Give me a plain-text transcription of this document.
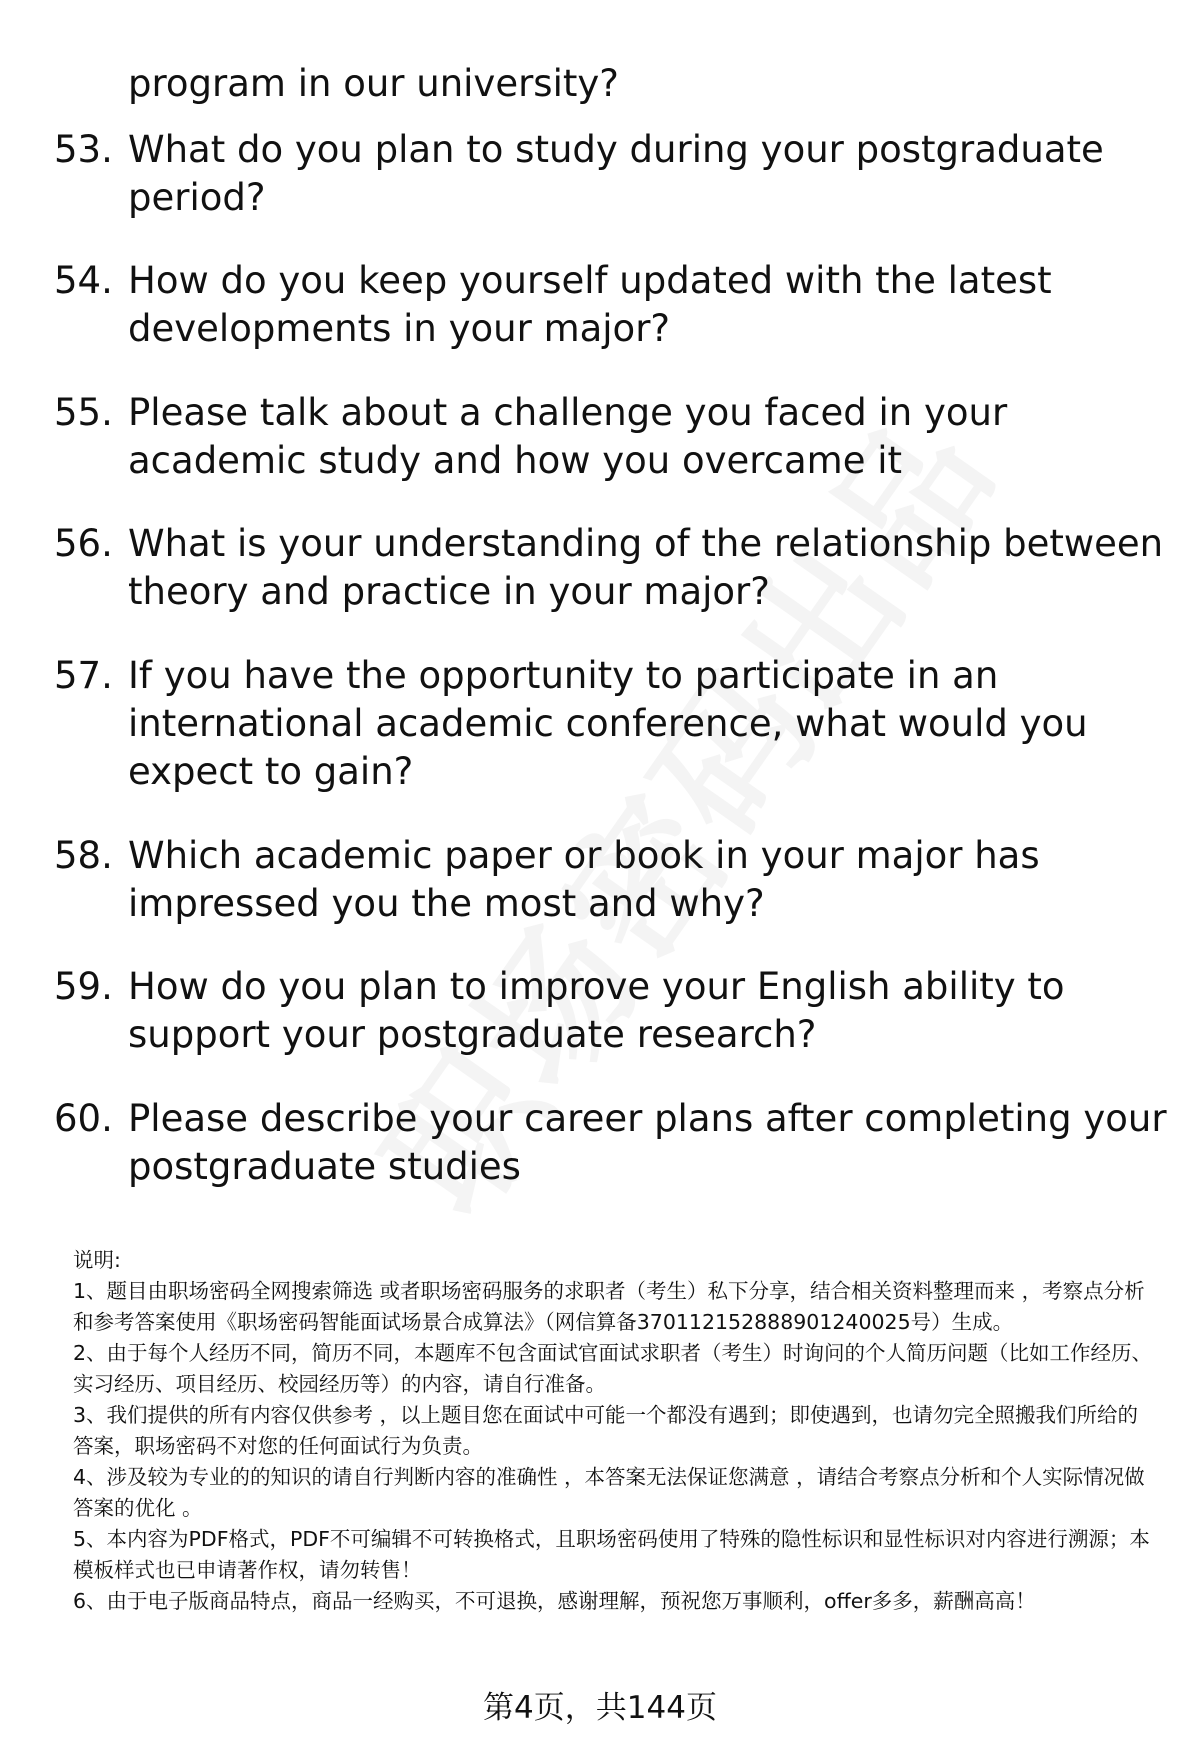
program in our university?

53. What do you plan to study during your postgraduate period?
54. How do you keep yourself updated with the latest developments in your major?
55. Please talk about a challenge you faced in your academic study and how you overcame it
56. What is your understanding of the relationship between theory and practice in your major?
57. If you have the opportunity to participate in an international academic conference, what would you expect to gain?
58. Which academic paper or book in your major has impressed you the most and why?
59. How do you plan to improve your English ability to support your postgraduate research?
60. Please describe your career plans after completing your postgraduate studies

说明:

1、题目由职场密码全网搜索筛选 或者职场密码服务的求职者（考生）私下分享，结合相关资料整理而来 ，考察点分析和参考答案使用《职场密码智能面试场景合成算法》（网信算备370112152888901240025号）生成。

2、由于每个人经历不同，简历不同，本题库不包含面试官面试求职者（考生）时询问的个人简历问题（比如工作经历、实习经历、项目经历、校园经历等）的内容，请自行准备。

3、我们提供的所有内容仅供参考 ，以上题目您在面试中可能一个都没有遇到；即使遇到，也请勿完全照搬我们所给的答案，职场密码不对您的任何面试行为负责。

4、涉及较为专业的的知识的请自行判断内容的准确性 ，本答案无法保证您满意 ，请结合考察点分析和个人实际情况做答案的优化 。

5、本内容为PDF格式，PDF不可编辑不可转换格式，且职场密码使用了特殊的隐性标识和显性标识对内容进行溯源；本模板样式也已申请著作权，请勿转售！

6、由于电子版商品特点，商品一经购买，不可退换，感谢理解，预祝您万事顺利，offer多多，薪酬高高！

第4页，共144页
